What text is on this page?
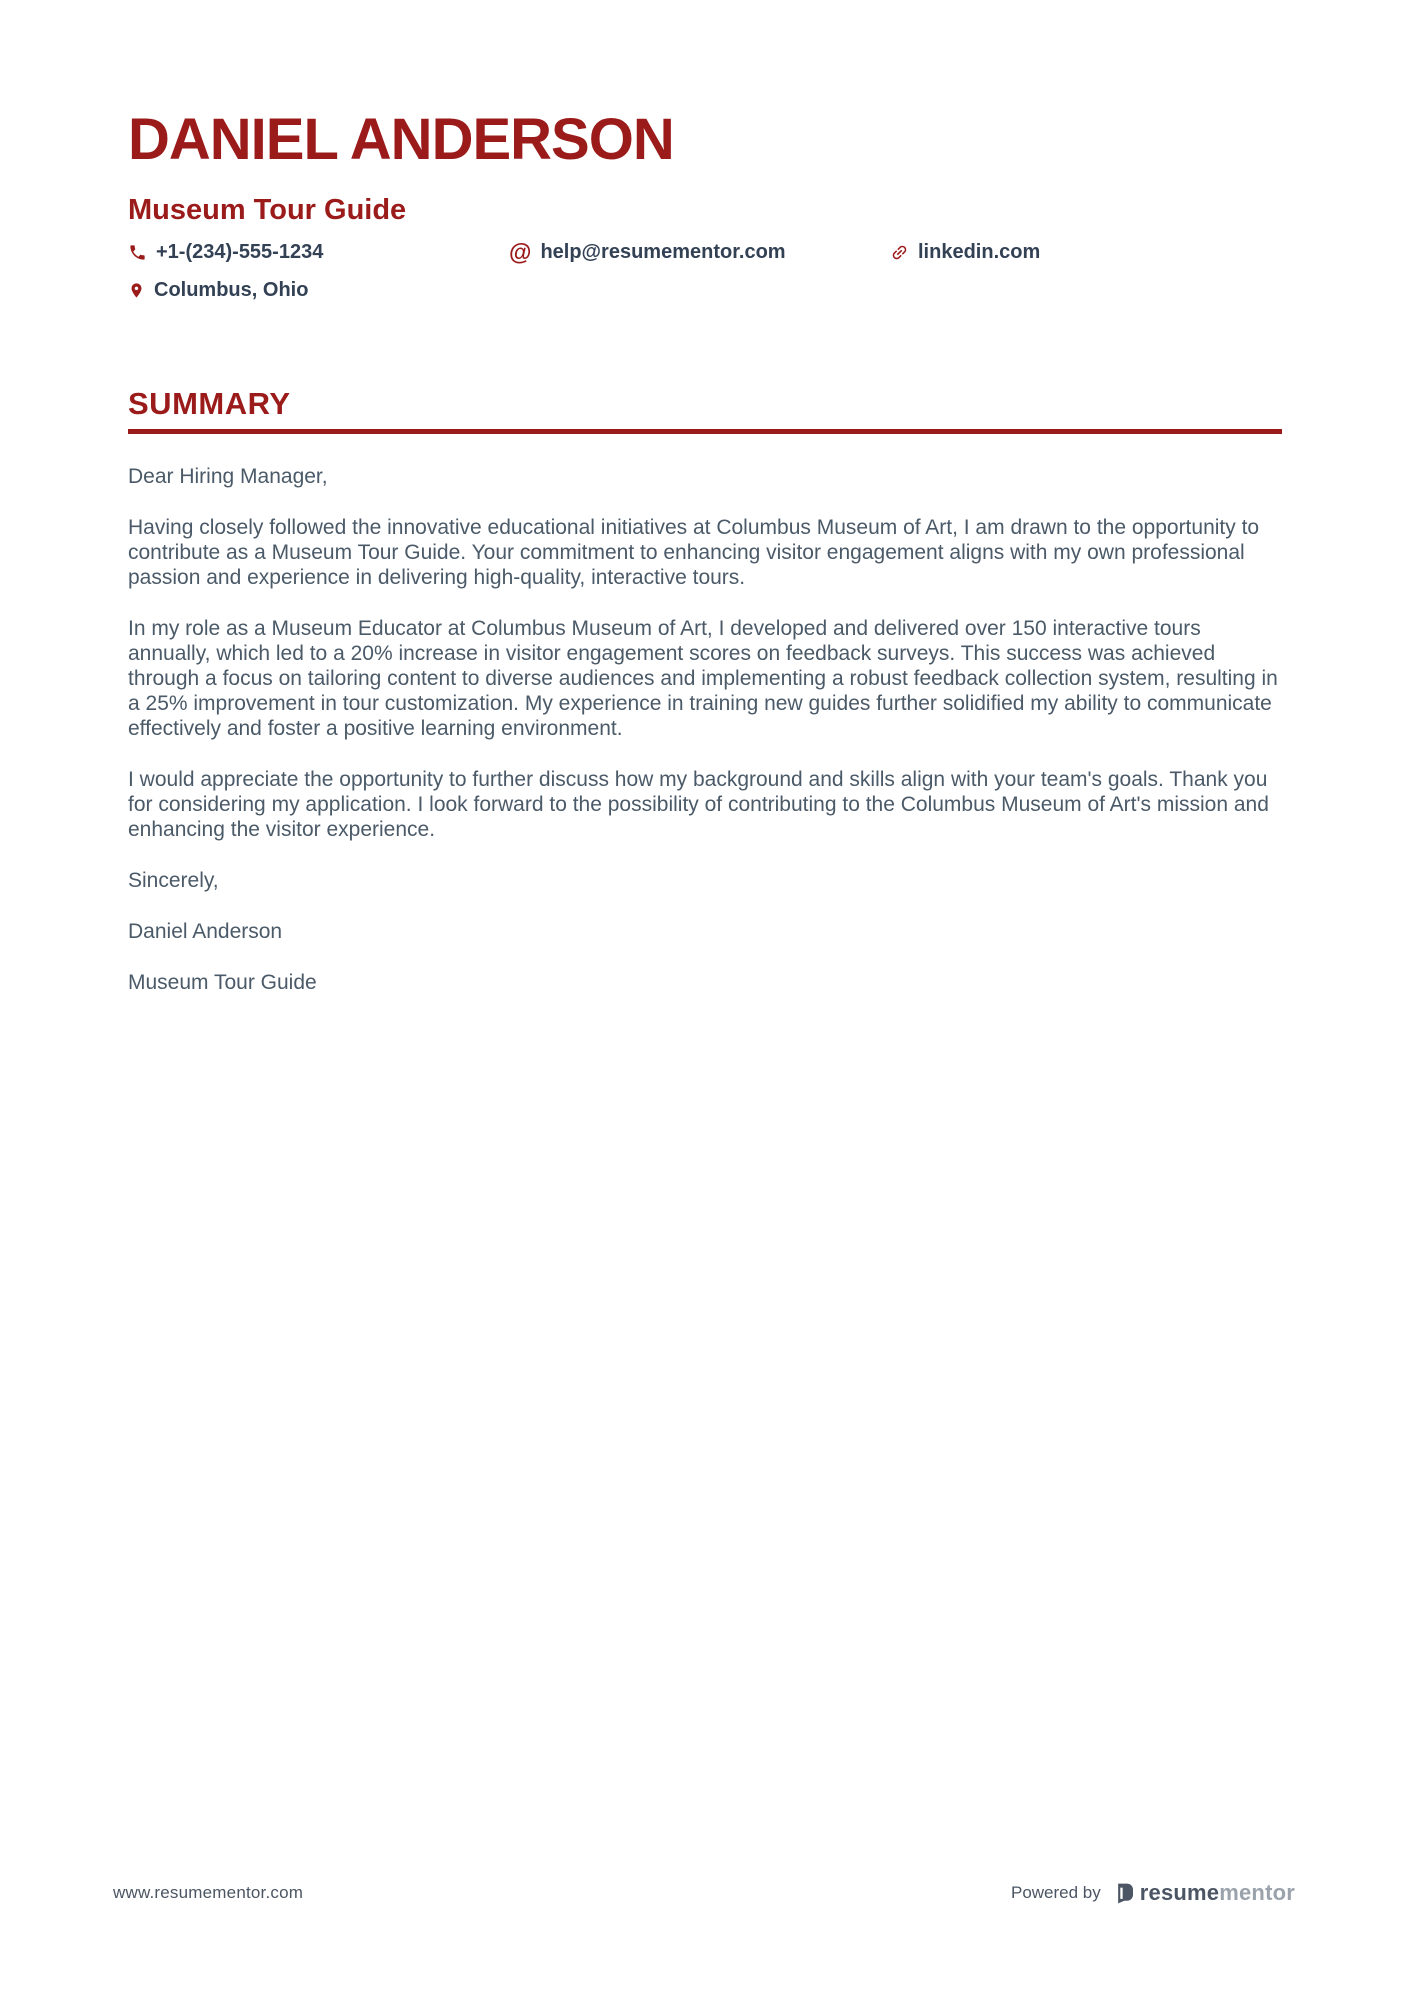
DANIEL ANDERSON
Museum Tour Guide
+1-(234)-555-1234	@ help@resumementor.com	linkedin.com
Columbus, Ohio
SUMMARY

Dear Hiring Manager,

Having closely followed the innovative educational initiatives at Columbus Museum of Art, I am drawn to the opportunity to contribute as a Museum Tour Guide. Your commitment to enhancing visitor engagement aligns with my own professional passion and experience in delivering high-quality, interactive tours.

In my role as a Museum Educator at Columbus Museum of Art, I developed and delivered over 150 interactive tours annually, which led to a 20% increase in visitor engagement scores on feedback surveys. This success was achieved through a focus on tailoring content to diverse audiences and implementing a robust feedback collection system, resulting in a 25% improvement in tour customization. My experience in training new guides further solidified my ability to communicate effectively and foster a positive learning environment.

I would appreciate the opportunity to further discuss how my background and skills align with your team's goals. Thank you for considering my application. I look forward to the possibility of contributing to the Columbus Museum of Art's mission and enhancing the visitor experience.

Sincerely,

Daniel Anderson

Museum Tour Guide

www.resumementor.com	Powered by resumementor
